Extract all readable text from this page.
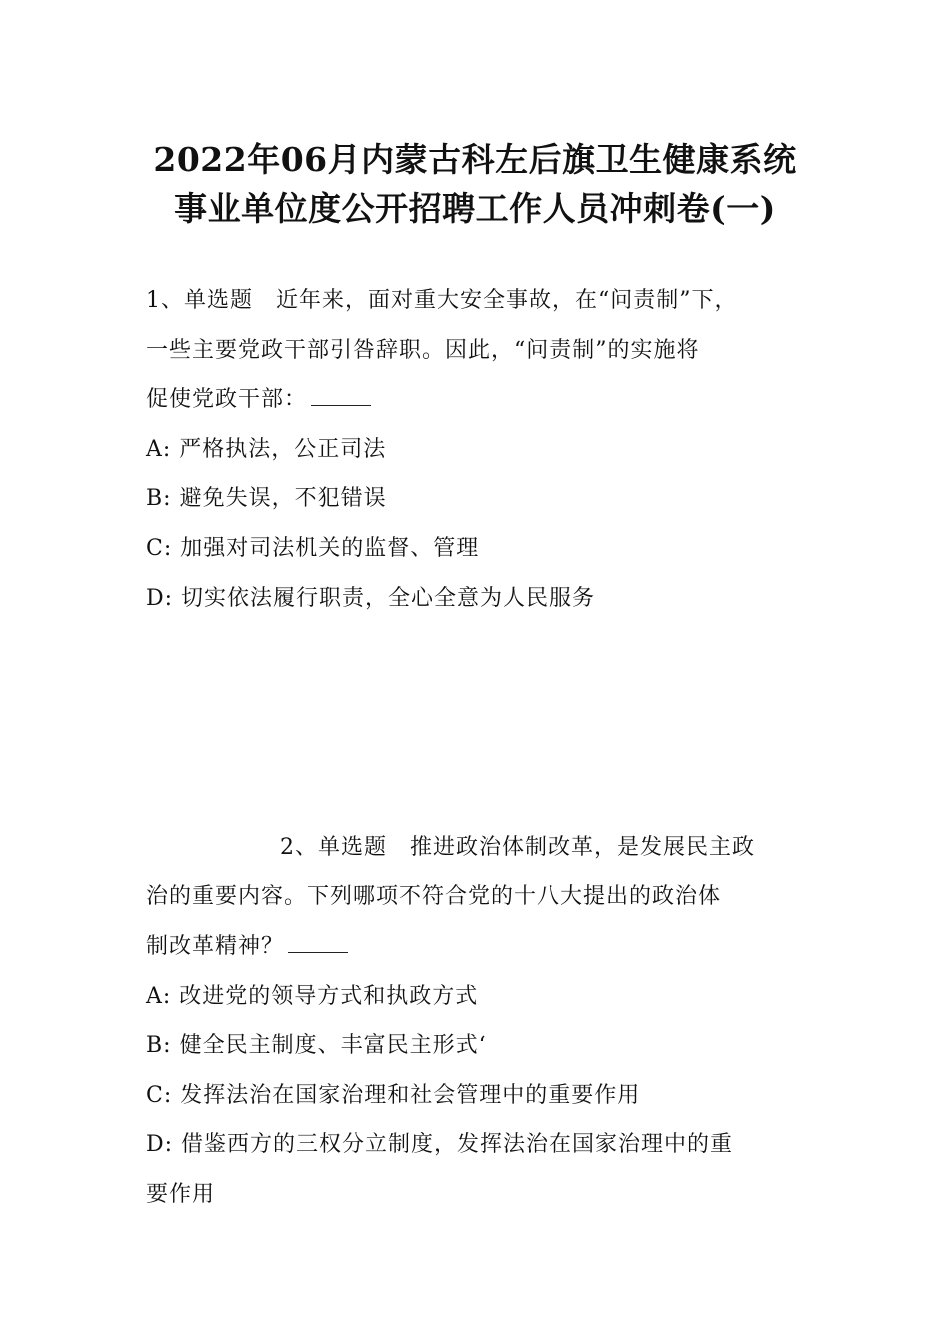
2022年06月内蒙古科左后旗卫生健康系统
事业单位度公开招聘工作人员冲刺卷(一)
1、单选题　近年来，面对重大安全事故，在“问责制”下，
一些主要党政干部引咎辞职。因此，“问责制”的实施将
促使党政干部：
A: 严格执法，公正司法
B: 避免失误，不犯错误
C: 加强对司法机关的监督、管理
D: 切实依法履行职责，全心全意为人民服务
2、单选题　推进政治体制改革，是发展民主政
治的重要内容。下列哪项不符合党的十八大提出的政治体
制改革精神？
A: 改进党的领导方式和执政方式
B: 健全民主制度、丰富民主形式‘
C: 发挥法治在国家治理和社会管理中的重要作用
D: 借鉴西方的三权分立制度，发挥法治在国家治理中的重
要作用
